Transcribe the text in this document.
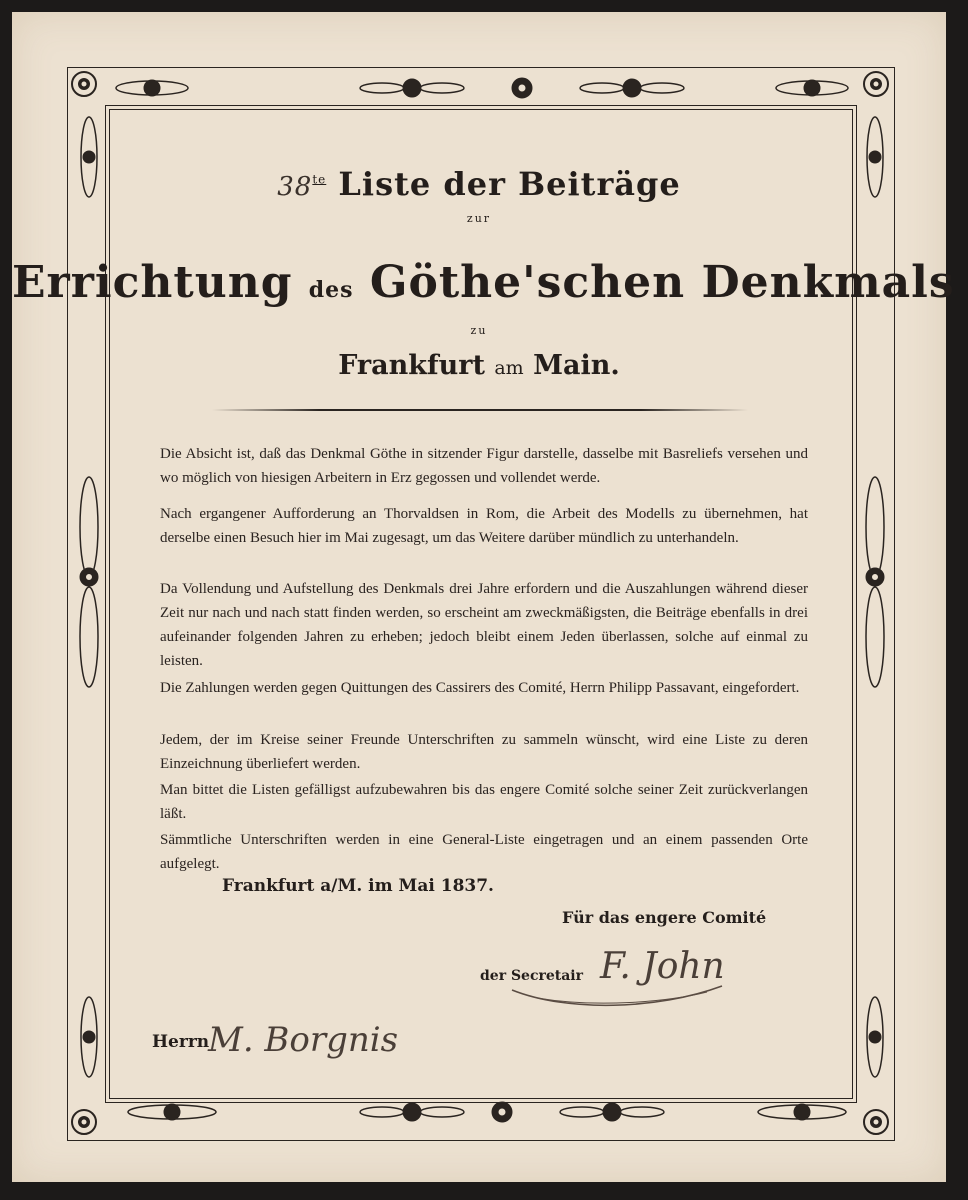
$38^{te}$ Liste der Beiträge
zur
Errichtung des Göthe'schen Denkmals
zu
Frankfurt am Main.

Die Absicht ist, daß das Denkmal Göthe in sitzender Figur darstelle, dasselbe mit Basreliefs versehen und wo möglich von hiesigen Arbeitern in Erz gegossen und vollendet werde.

Nach ergangener Aufforderung an Thorvaldsen in Rom, die Arbeit des Modells zu übernehmen, hat derselbe einen Besuch hier im Mai zugesagt, um das Weitere darüber mündlich zu unterhandeln.

Da Vollendung und Aufstellung des Denkmals drei Jahre erfordern und die Auszahlungen während dieser Zeit nur nach und nach statt finden werden, so erscheint am zweckmäßigsten, die Beiträge ebenfalls in drei aufeinander folgenden Jahren zu erheben; jedoch bleibt einem Jeden überlassen, solche auf einmal zu leisten.

Die Zahlungen werden gegen Quittungen des Cassirers des Comité, Herrn Philipp Passavant, eingefordert.

Jedem, der im Kreise seiner Freunde Unterschriften zu sammeln wünscht, wird eine Liste zu deren Einzeichnung überliefert werden.

Man bittet die Listen gefälligst aufzubewahren bis das engere Comité solche seiner Zeit zurückverlangen läßt.

Sämmtliche Unterschriften werden in eine General-Liste eingetragen und an einem passenden Orte aufgelegt.

Frankfurt a/M. im Mai 1837.
Für das engere Comité
der Secretair F. John
Herrn
M. Borgnis
